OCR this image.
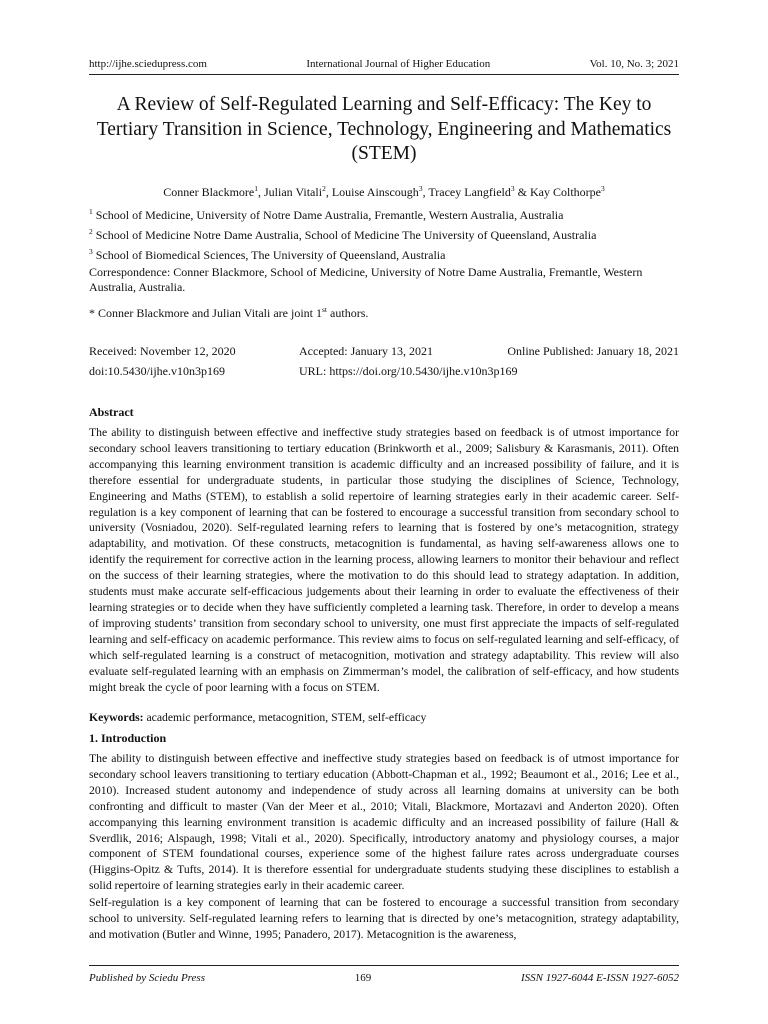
http://ijhe.sciedupress.com	International Journal of Higher Education	Vol. 10, No. 3; 2021
A Review of Self-Regulated Learning and Self-Efficacy: The Key to Tertiary Transition in Science, Technology, Engineering and Mathematics (STEM)
Conner Blackmore$^1$, Julian Vitali$^2$, Louise Ainscough$^3$, Tracey Langfield$^3$ & Kay Colthorpe$^3$
$^1$ School of Medicine, University of Notre Dame Australia, Fremantle, Western Australia, Australia
$^2$ School of Medicine Notre Dame Australia, School of Medicine The University of Queensland, Australia
$^3$ School of Biomedical Sciences, The University of Queensland, Australia
Correspondence: Conner Blackmore, School of Medicine, University of Notre Dame Australia, Fremantle, Western Australia, Australia.
* Conner Blackmore and Julian Vitali are joint 1st authors.
Received: November 12, 2020	Accepted: January 13, 2021	Online Published: January 18, 2021
doi:10.5430/ijhe.v10n3p169	URL: https://doi.org/10.5430/ijhe.v10n3p169
Abstract
The ability to distinguish between effective and ineffective study strategies based on feedback is of utmost importance for secondary school leavers transitioning to tertiary education (Brinkworth et al., 2009; Salisbury & Karasmanis, 2011). Often accompanying this learning environment transition is academic difficulty and an increased possibility of failure, and it is therefore essential for undergraduate students, in particular those studying the disciplines of Science, Technology, Engineering and Maths (STEM), to establish a solid repertoire of learning strategies early in their academic career. Self-regulation is a key component of learning that can be fostered to encourage a successful transition from secondary school to university (Vosniadou, 2020). Self-regulated learning refers to learning that is fostered by one’s metacognition, strategy adaptability, and motivation. Of these constructs, metacognition is fundamental, as having self-awareness allows one to identify the requirement for corrective action in the learning process, allowing learners to monitor their behaviour and reflect on the success of their learning strategies, where the motivation to do this should lead to strategy adaptation. In addition, students must make accurate self-efficacious judgements about their learning in order to evaluate the effectiveness of their learning strategies or to decide when they have sufficiently completed a learning task. Therefore, in order to develop a means of improving students’ transition from secondary school to university, one must first appreciate the impacts of self-regulated learning and self-efficacy on academic performance. This review aims to focus on self-regulated learning and self-efficacy, of which self-regulated learning is a construct of metacognition, motivation and strategy adaptability. This review will also evaluate self-regulated learning with an emphasis on Zimmerman’s model, the calibration of self-efficacy, and how students might break the cycle of poor learning with a focus on STEM.
Keywords: academic performance, metacognition, STEM, self-efficacy
1. Introduction
The ability to distinguish between effective and ineffective study strategies based on feedback is of utmost importance for secondary school leavers transitioning to tertiary education (Abbott-Chapman et al., 1992; Beaumont et al., 2016; Lee et al., 2010). Increased student autonomy and independence of study across all learning domains at university can be both confronting and difficult to master (Van der Meer et al., 2010; Vitali, Blackmore, Mortazavi and Anderton 2020). Often accompanying this learning environment transition is academic difficulty and an increased possibility of failure (Hall & Sverdlik, 2016; Alspaugh, 1998; Vitali et al., 2020). Specifically, introductory anatomy and physiology courses, a major component of STEM foundational courses, experience some of the highest failure rates across undergraduate courses (Higgins-Opitz & Tufts, 2014). It is therefore essential for undergraduate students studying these disciplines to establish a solid repertoire of learning strategies early in their academic career.
Self-regulation is a key component of learning that can be fostered to encourage a successful transition from secondary school to university. Self-regulated learning refers to learning that is directed by one’s metacognition, strategy adaptability, and motivation (Butler and Winne, 1995; Panadero, 2017). Metacognition is the awareness,
Published by Sciedu Press	169	ISSN 1927-6044 E-ISSN 1927-6052
